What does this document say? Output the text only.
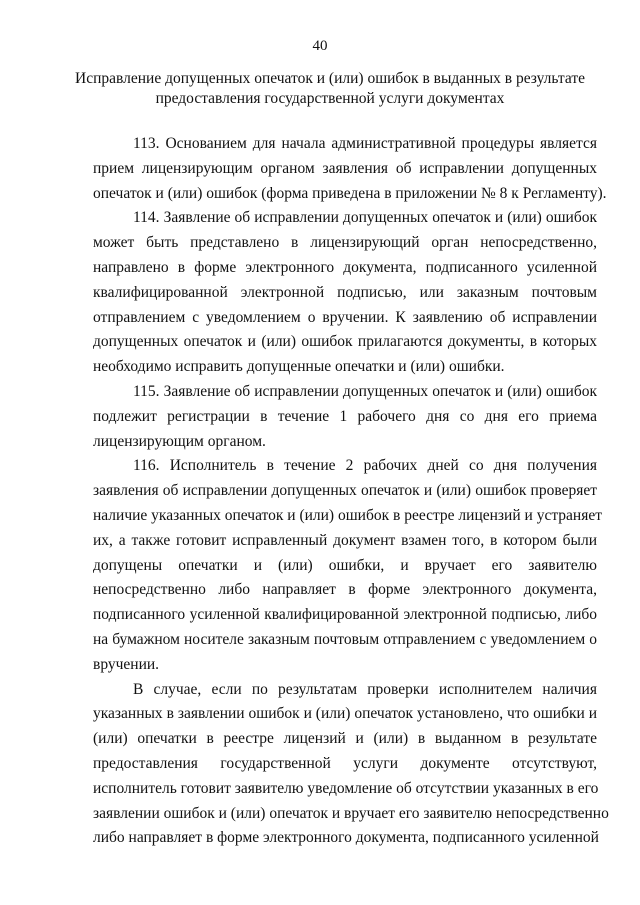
40
Исправление допущенных опечаток и (или) ошибок в выданных в результате
предоставления государственной услуги документах
113. Основанием для начала административной процедуры является
прием лицензирующим органом заявления об исправлении допущенных
опечаток и (или) ошибок (форма приведена в приложении № 8 к Регламенту).
114. Заявление об исправлении допущенных опечаток и (или) ошибок
может быть представлено в лицензирующий орган непосредственно,
направлено в форме электронного документа, подписанного усиленной
квалифицированной электронной подписью, или заказным почтовым
отправлением с уведомлением о вручении. К заявлению об исправлении
допущенных опечаток и (или) ошибок прилагаются документы, в которых
необходимо исправить допущенные опечатки и (или) ошибки.
115. Заявление об исправлении допущенных опечаток и (или) ошибок
подлежит регистрации в течение 1 рабочего дня со дня его приема
лицензирующим органом.
116. Исполнитель в течение 2 рабочих дней со дня получения
заявления об исправлении допущенных опечаток и (или) ошибок проверяет
наличие указанных опечаток и (или) ошибок в реестре лицензий и устраняет
их, а также готовит исправленный документ взамен того, в котором были
допущены опечатки и (или) ошибки, и вручает его заявителю
непосредственно либо направляет в форме электронного документа,
подписанного усиленной квалифицированной электронной подписью, либо
на бумажном носителе заказным почтовым отправлением с уведомлением о
вручении.
В случае, если по результатам проверки исполнителем наличия
указанных в заявлении ошибок и (или) опечаток установлено, что ошибки и
(или) опечатки в реестре лицензий и (или) в выданном в результате
предоставления государственной услуги документе отсутствуют,
исполнитель готовит заявителю уведомление об отсутствии указанных в его
заявлении ошибок и (или) опечаток и вручает его заявителю непосредственно
либо направляет в форме электронного документа, подписанного усиленной
